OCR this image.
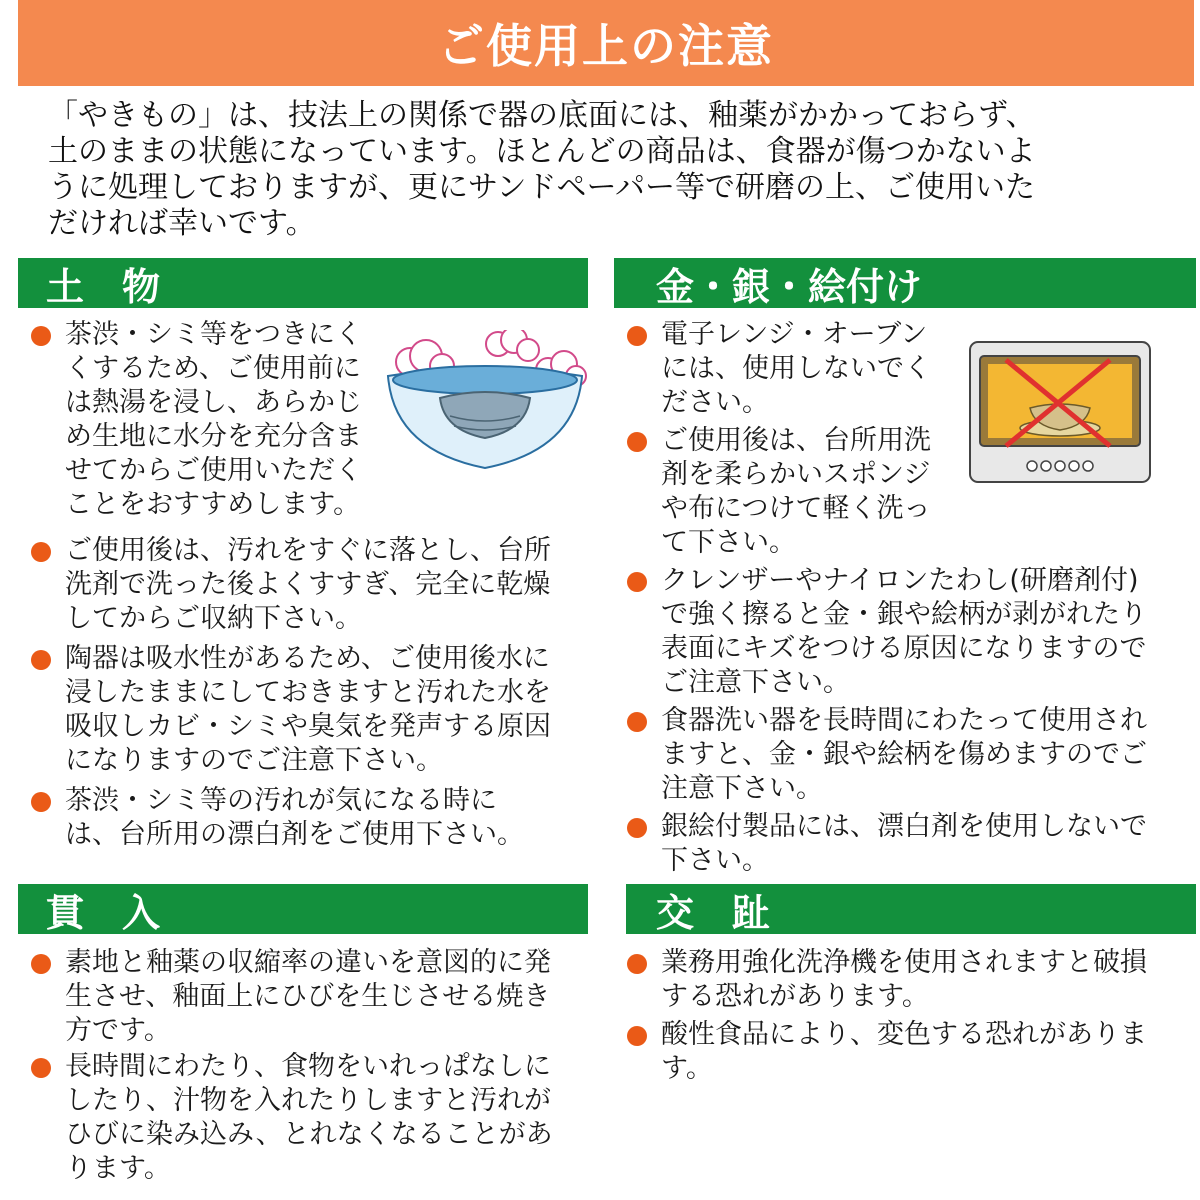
ご使用上の注意
「やきもの」は、技法上の関係で器の底面には、釉薬がかかっておらず、
土のままの状態になっています。ほとんどの商品は、食器が傷つかないよ
うに処理しておりますが、更にサンドペーパー等で研磨の上、ご使用いた
だければ幸いです。
土　物
茶渋・シミ等をつきにく
くするため、ご使用前に
は熱湯を浸し、あらかじ
め生地に水分を充分含ま
せてからご使用いただく
ことをおすすめします。
ご使用後は、汚れをすぐに落とし、台所
洗剤で洗った後よくすすぎ、完全に乾燥
してからご収納下さい。
陶器は吸水性があるため、ご使用後水に
浸したままにしておきますと汚れた水を
吸収しカビ・シミや臭気を発声する原因
になりますのでご注意下さい。
茶渋・シミ等の汚れが気になる時に
は、台所用の漂白剤をご使用下さい。
金・銀・絵付け
電子レンジ・オーブン
には、使用しないでく
ださい。
ご使用後は、台所用洗
剤を柔らかいスポンジ
や布につけて軽く洗っ
て下さい。
クレンザーやナイロンたわし(研磨剤付)
で強く擦ると金・銀や絵柄が剥がれたり
表面にキズをつける原因になりますので
ご注意下さい。
食器洗い器を長時間にわたって使用され
ますと、金・銀や絵柄を傷めますのでご
注意下さい。
銀絵付製品には、漂白剤を使用しないで
下さい。
貫　入
素地と釉薬の収縮率の違いを意図的に発
生させ、釉面上にひびを生じさせる焼き
方です。
長時間にわたり、食物をいれっぱなしに
したり、汁物を入れたりしますと汚れが
ひびに染み込み、とれなくなることがあ
ります。
交　趾
業務用強化洗浄機を使用されますと破損
する恐れがあります。
酸性食品により、変色する恐れがありま
す。
